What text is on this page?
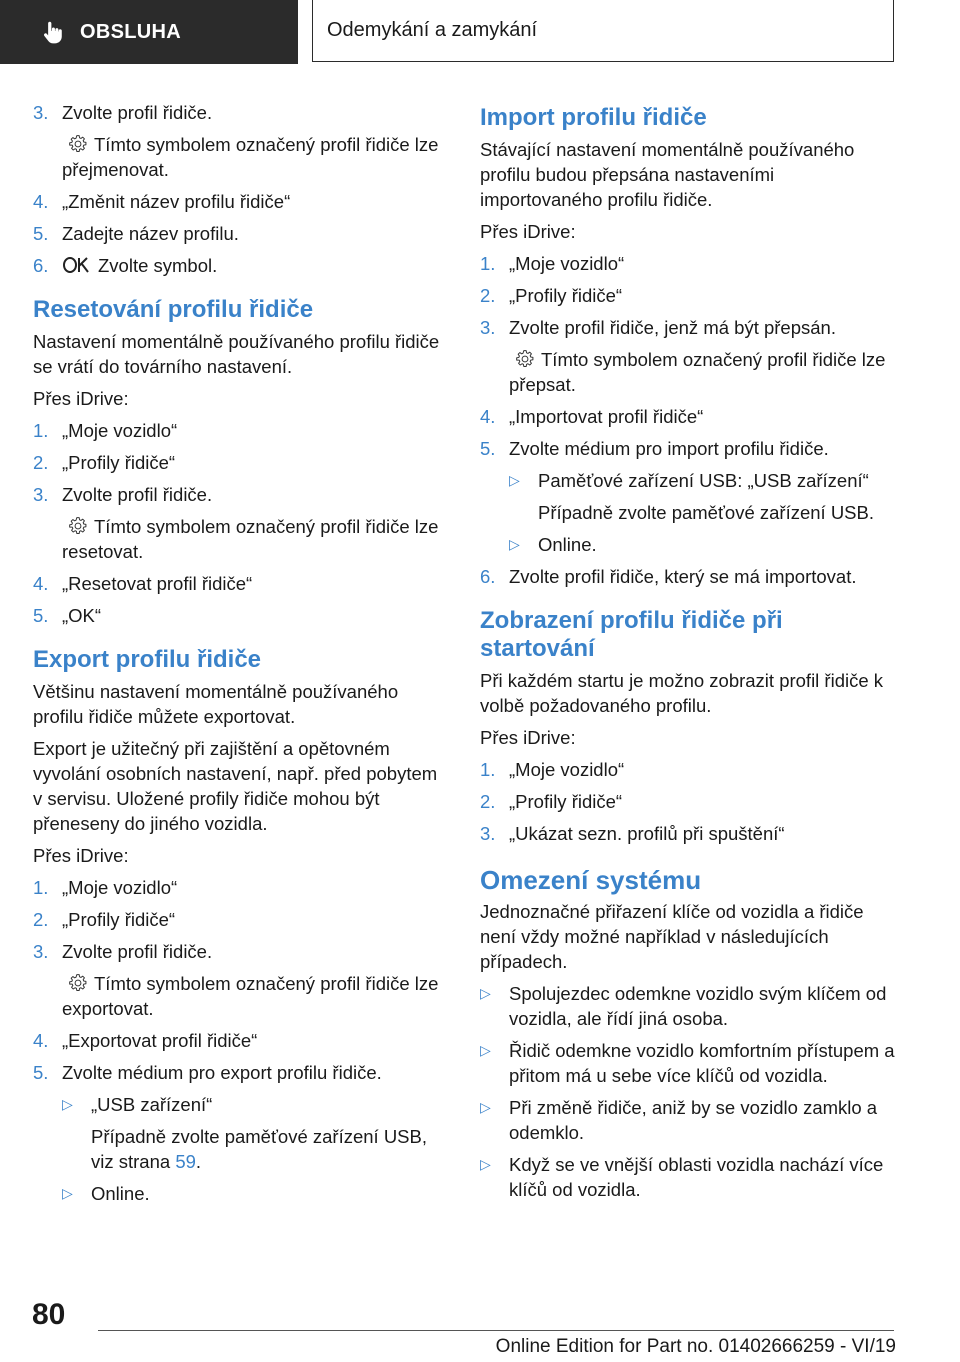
OBSLUHA	Odemykání a zamykání
3. Zvolte profil řidiče.
Tímto symbolem označený profil řidiče lze přejmenovat.
4. „Změnit název profilu řidiče“
5. Zadejte název profilu.
6.	Zvolte symbol.
Resetování profilu řidiče

Nastavení momentálně používaného profilu řidiče se vrátí do továrního nastavení.

Přes iDrive:

1. „Moje vozidlo“
2. „Profily řidiče“
3. Zvolte profil řidiče.
Tímto symbolem označený profil řidiče lze resetovat.
4. „Resetovat profil řidiče“
5. „OK“
Export profilu řidiče

Většinu nastavení momentálně používaného profilu řidiče můžete exportovat.

Export je užitečný při zajištění a opětovném vyvolání osobních nastavení, např. před pobytem v servisu. Uložené profily řidiče mohou být přeneseny do jiného vozidla.

Přes iDrive:

1. „Moje vozidlo“
2. „Profily řidiče“
3. Zvolte profil řidiče.
Tímto symbolem označený profil řidiče lze exportovat.
4. „Exportovat profil řidiče“
5. Zvolte médium pro export profilu řidiče.
▷ „USB zařízení“

Případně zvolte paměťové zařízení USB, viz strana 59.

▷ Online.
Import profilu řidiče

Stávající nastavení momentálně používaného profilu budou přepsána nastaveními importovaného profilu řidiče.

Přes iDrive:

1. „Moje vozidlo“
2. „Profily řidiče“
3. Zvolte profil řidiče, jenž má být přepsán.
Tímto symbolem označený profil řidiče lze přepsat.
4. „Importovat profil řidiče“
5. Zvolte médium pro import profilu řidiče.
▷ Paměťové zařízení USB: „USB zařízení“

Případně zvolte paměťové zařízení USB.

▷ Online.
6. Zvolte profil řidiče, který se má importovat.
Zobrazení profilu řidiče při startování

Při každém startu je možno zobrazit profil řidiče k volbě požadovaného profilu.

Přes iDrive:

1. „Moje vozidlo“
2. „Profily řidiče“
3. „Ukázat sezn. profilů při spuštění“
Omezení systému

Jednoznačné přiřazení klíče od vozidla a řidiče není vždy možné například v následujících případech.

▷ Spolujezdec odemkne vozidlo svým klíčem od vozidla, ale řídí jiná osoba.
▷ Řidič odemkne vozidlo komfortním přístupem a přitom má u sebe více klíčů od vozidla.
▷ Při změně řidiče, aniž by se vozidlo zamklo a odemklo.
▷ Když se ve vnější oblasti vozidla nachází více klíčů od vozidla.
80
Online Edition for Part no. 01402666259 - VI/19
